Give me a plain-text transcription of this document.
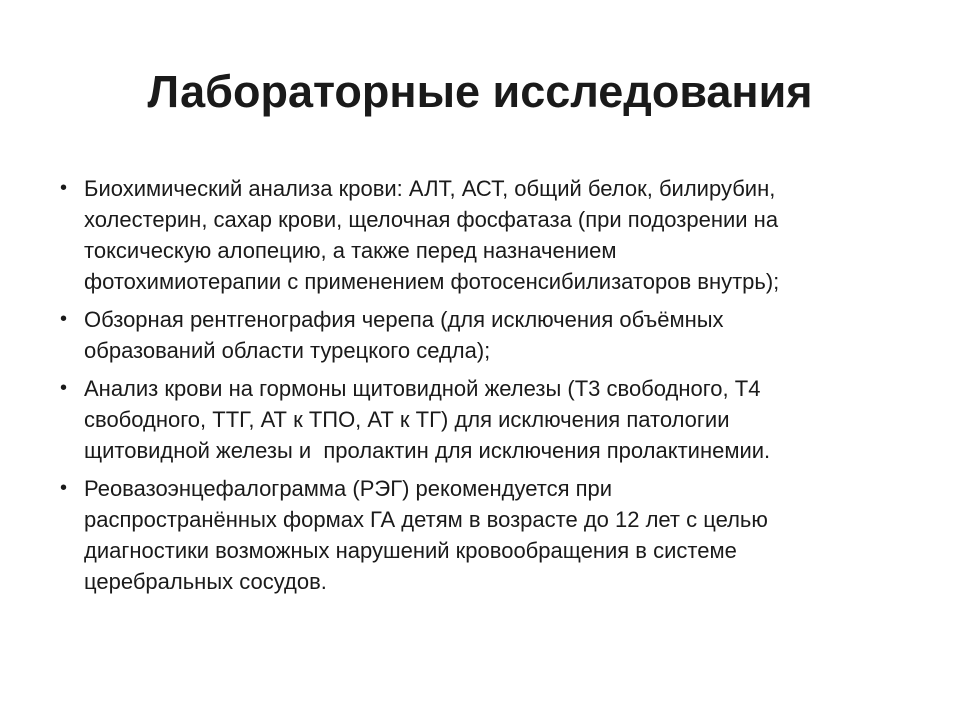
Лабораторные исследования
• Биохимический анализа крови: АЛТ, АСТ, общий белок, билирубин,
холестерин, сахар крови, щелочная фосфатаза (при подозрении на
токсическую алопецию, а также перед назначением
фотохимиотерапии с применением фотосенсибилизаторов внутрь);
• Обзорная рентгенография черепа (для исключения объёмных
образований области турецкого седла);
• Анализ крови на гормоны щитовидной железы (Т3 свободного, Т4
свободного, ТТГ, АТ к ТПО, АТ к ТГ) для исключения патологии
щитовидной железы и  пролактин для исключения пролактинемии.
• Реовазоэнцефалограмма (РЭГ) рекомендуется при
распространённых формах ГА детям в возрасте до 12 лет с целью
диагностики возможных нарушений кровообращения в системе
церебральных сосудов.
